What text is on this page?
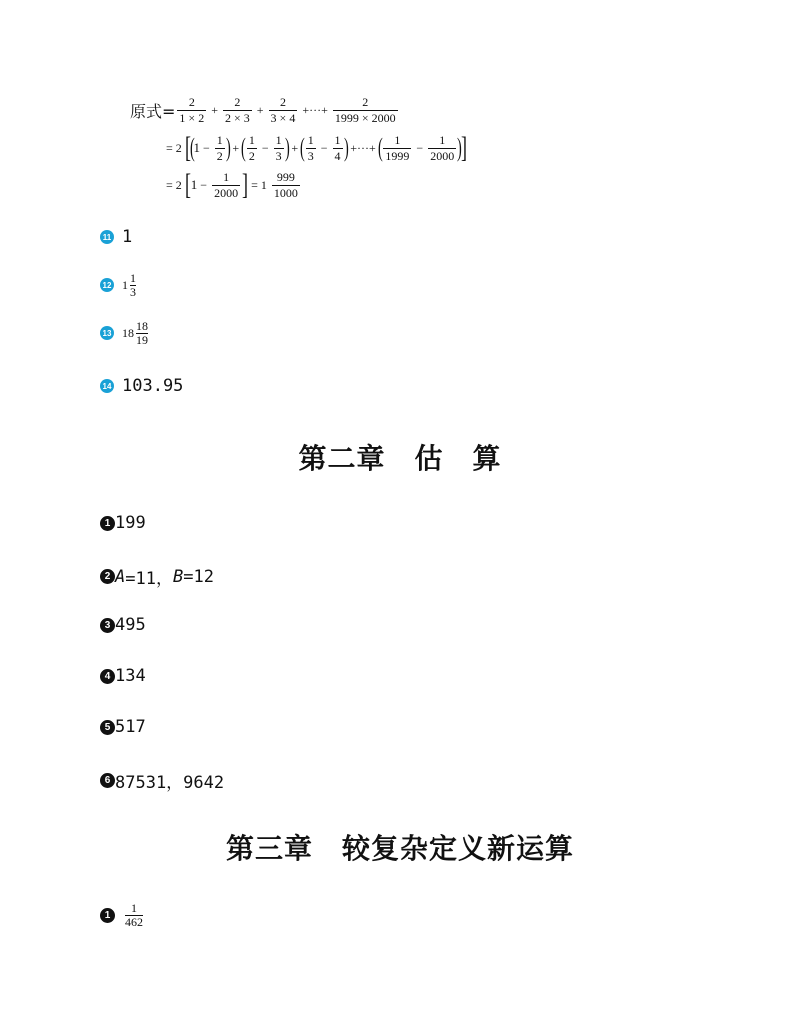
原式= $\frac{2}{1 \times 2} + \frac{2}{2 \times 3} + \frac{2}{3 \times 4}$ +···+ $\frac{2}{1999 \times 2000}$
= 2 [
(
$1 - \frac{1}{2}$ ) + ( $\frac{1}{2} - \frac{1}{3}$ ) + ( $\frac{1}{3} - \frac{1}{4}$ ) +···+ ( $\frac{1}{1999} - \frac{1}{2000}$ )
]
= 2 [ $1 - \frac{1}{2000}$ ] = $1 \frac{999}{1000}$
11 1
12 1 1
3
13 18 18
19
14 103.95
第二章　估　算
1 199
2 A =11， B =12
3 495
4 134
5 517
6 87531，9642
第三章　较复杂定义新运算
1
1
462
